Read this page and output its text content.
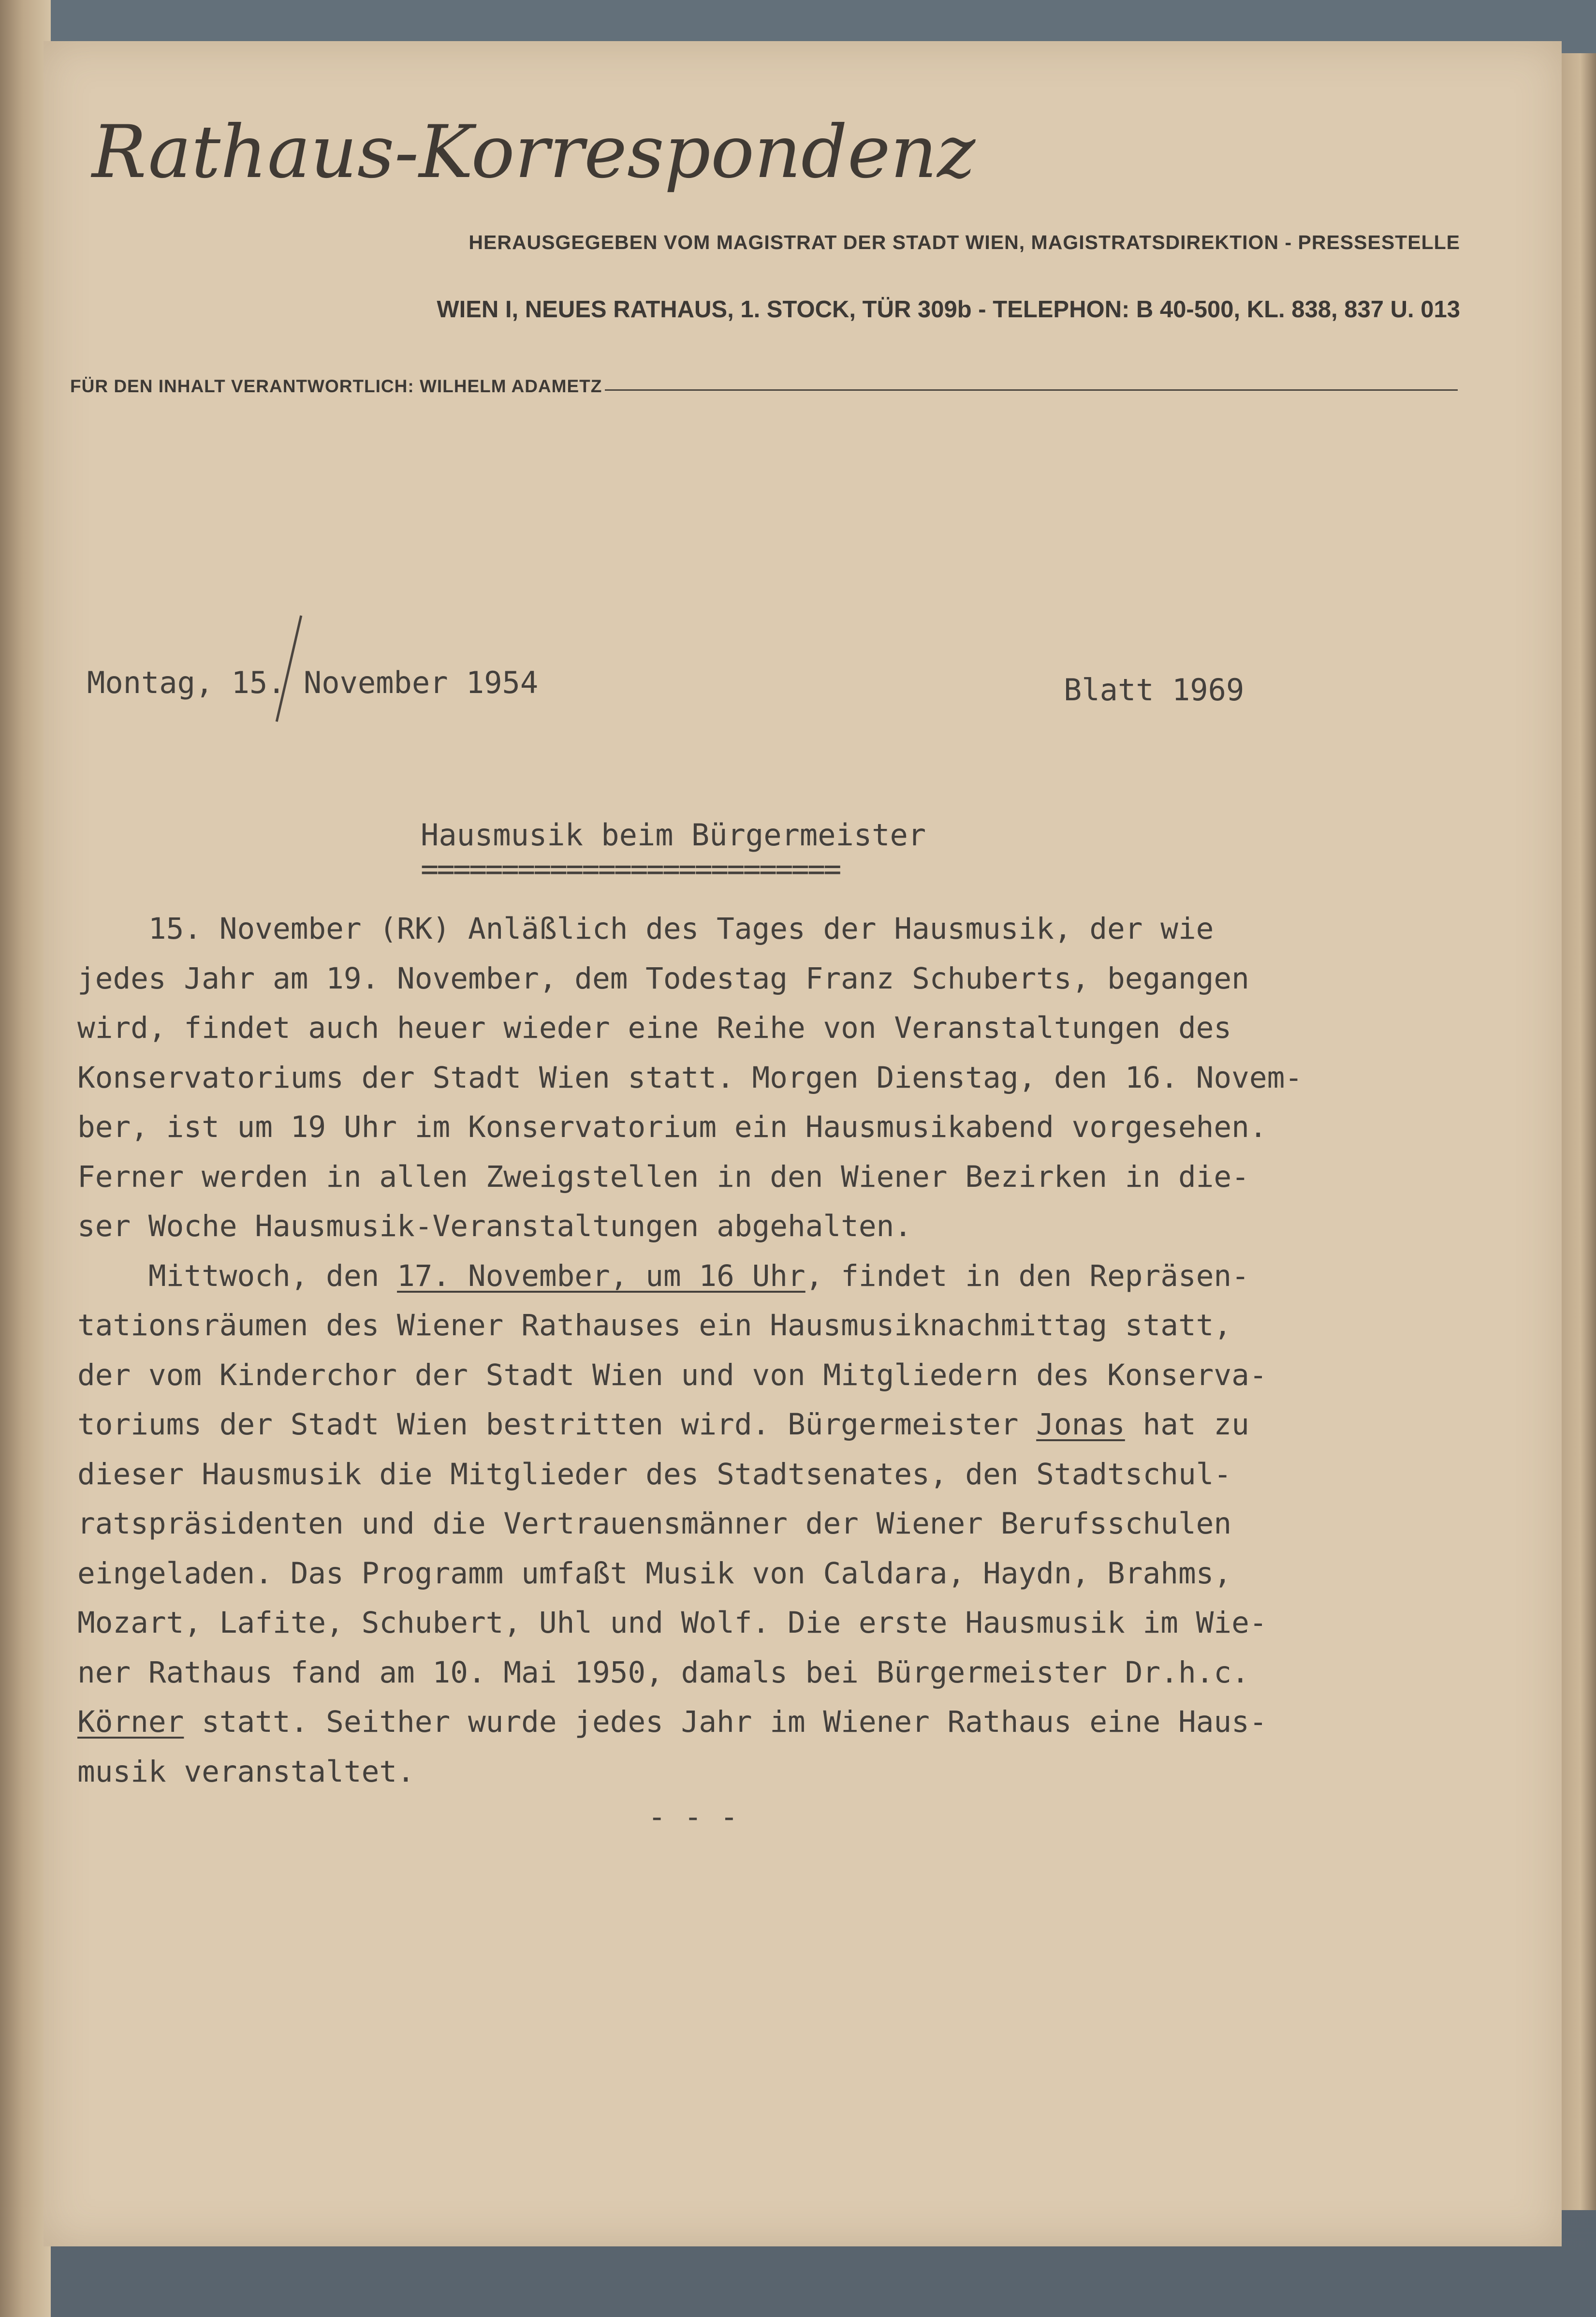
Rathaus-Korrespondenz
HERAUSGEGEBEN VOM MAGISTRAT DER STADT WIEN, MAGISTRATSDIREKTION - PRESSESTELLE
WIEN I, NEUES RATHAUS, 1. STOCK, TÜR 309b - TELEPHON: B 40-500, KL. 838, 837 U. 013
FÜR DEN INHALT VERANTWORTLICH: WILHELM ADAMETZ
Montag, 15. November 1954	Blatt 1969
Hausmusik beim Bürgermeister
==========================
15. November (RK) Anläßlich des Tages der Hausmusik, der wie
jedes Jahr am 19. November, dem Todestag Franz Schuberts, begangen
wird, findet auch heuer wieder eine Reihe von Veranstaltungen des
Konservatoriums der Stadt Wien statt. Morgen Dienstag, den 16. Novem-
ber, ist um 19 Uhr im Konservatorium ein Hausmusikabend vorgesehen.
Ferner werden in allen Zweigstellen in den Wiener Bezirken in die-
ser Woche Hausmusik-Veranstaltungen abgehalten.
Mittwoch, den 17. November, um 16 Uhr, findet in den Repräsen-
tationsräumen des Wiener Rathauses ein Hausmusiknachmittag statt,
der vom Kinderchor der Stadt Wien und von Mitgliedern des Konserva-
toriums der Stadt Wien bestritten wird. Bürgermeister Jonas hat zu
dieser Hausmusik die Mitglieder des Stadtsenates, den Stadtschul-
ratspräsidenten und die Vertrauensmänner der Wiener Berufsschulen
eingeladen. Das Programm umfaßt Musik von Caldara, Haydn, Brahms,
Mozart, Lafite, Schubert, Uhl und Wolf. Die erste Hausmusik im Wie-
ner Rathaus fand am 10. Mai 1950, damals bei Bürgermeister Dr.h.c.
Körner statt. Seither wurde jedes Jahr im Wiener Rathaus eine Haus-
musik veranstaltet.
- - -
